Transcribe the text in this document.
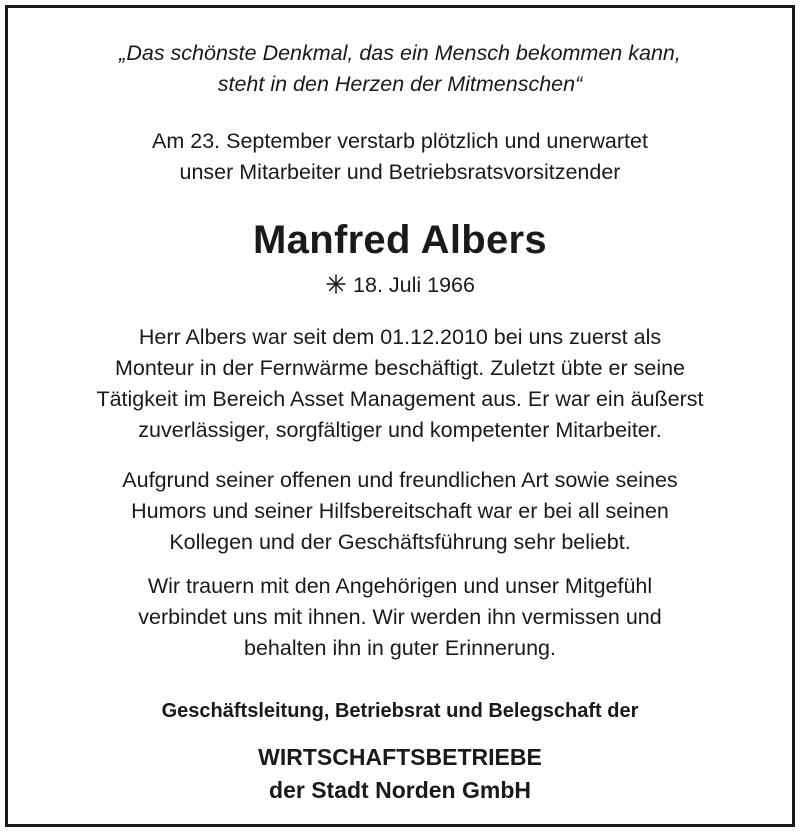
„Das schönste Denkmal, das ein Mensch bekommen kann,
steht in den Herzen der Mitmenschen“
Am 23. September verstarb plötzlich und unerwartet
unser Mitarbeiter und Betriebsratsvorsitzender
Manfred Albers
18. Juli 1966
Herr Albers war seit dem 01.12.2010 bei uns zuerst als
Monteur in der Fernwärme beschäftigt. Zuletzt übte er seine
Tätigkeit im Bereich Asset Management aus. Er war ein äußerst
zuverlässiger, sorgfältiger und kompetenter Mitarbeiter.
Aufgrund seiner offenen und freundlichen Art sowie seines
Humors und seiner Hilfsbereitschaft war er bei all seinen
Kollegen und der Geschäftsführung sehr beliebt.
Wir trauern mit den Angehörigen und unser Mitgefühl
verbindet uns mit ihnen. Wir werden ihn vermissen und
behalten ihn in guter Erinnerung.
Geschäftsleitung, Betriebsrat und Belegschaft der
WIRTSCHAFTSBETRIEBE
der Stadt Norden GmbH
